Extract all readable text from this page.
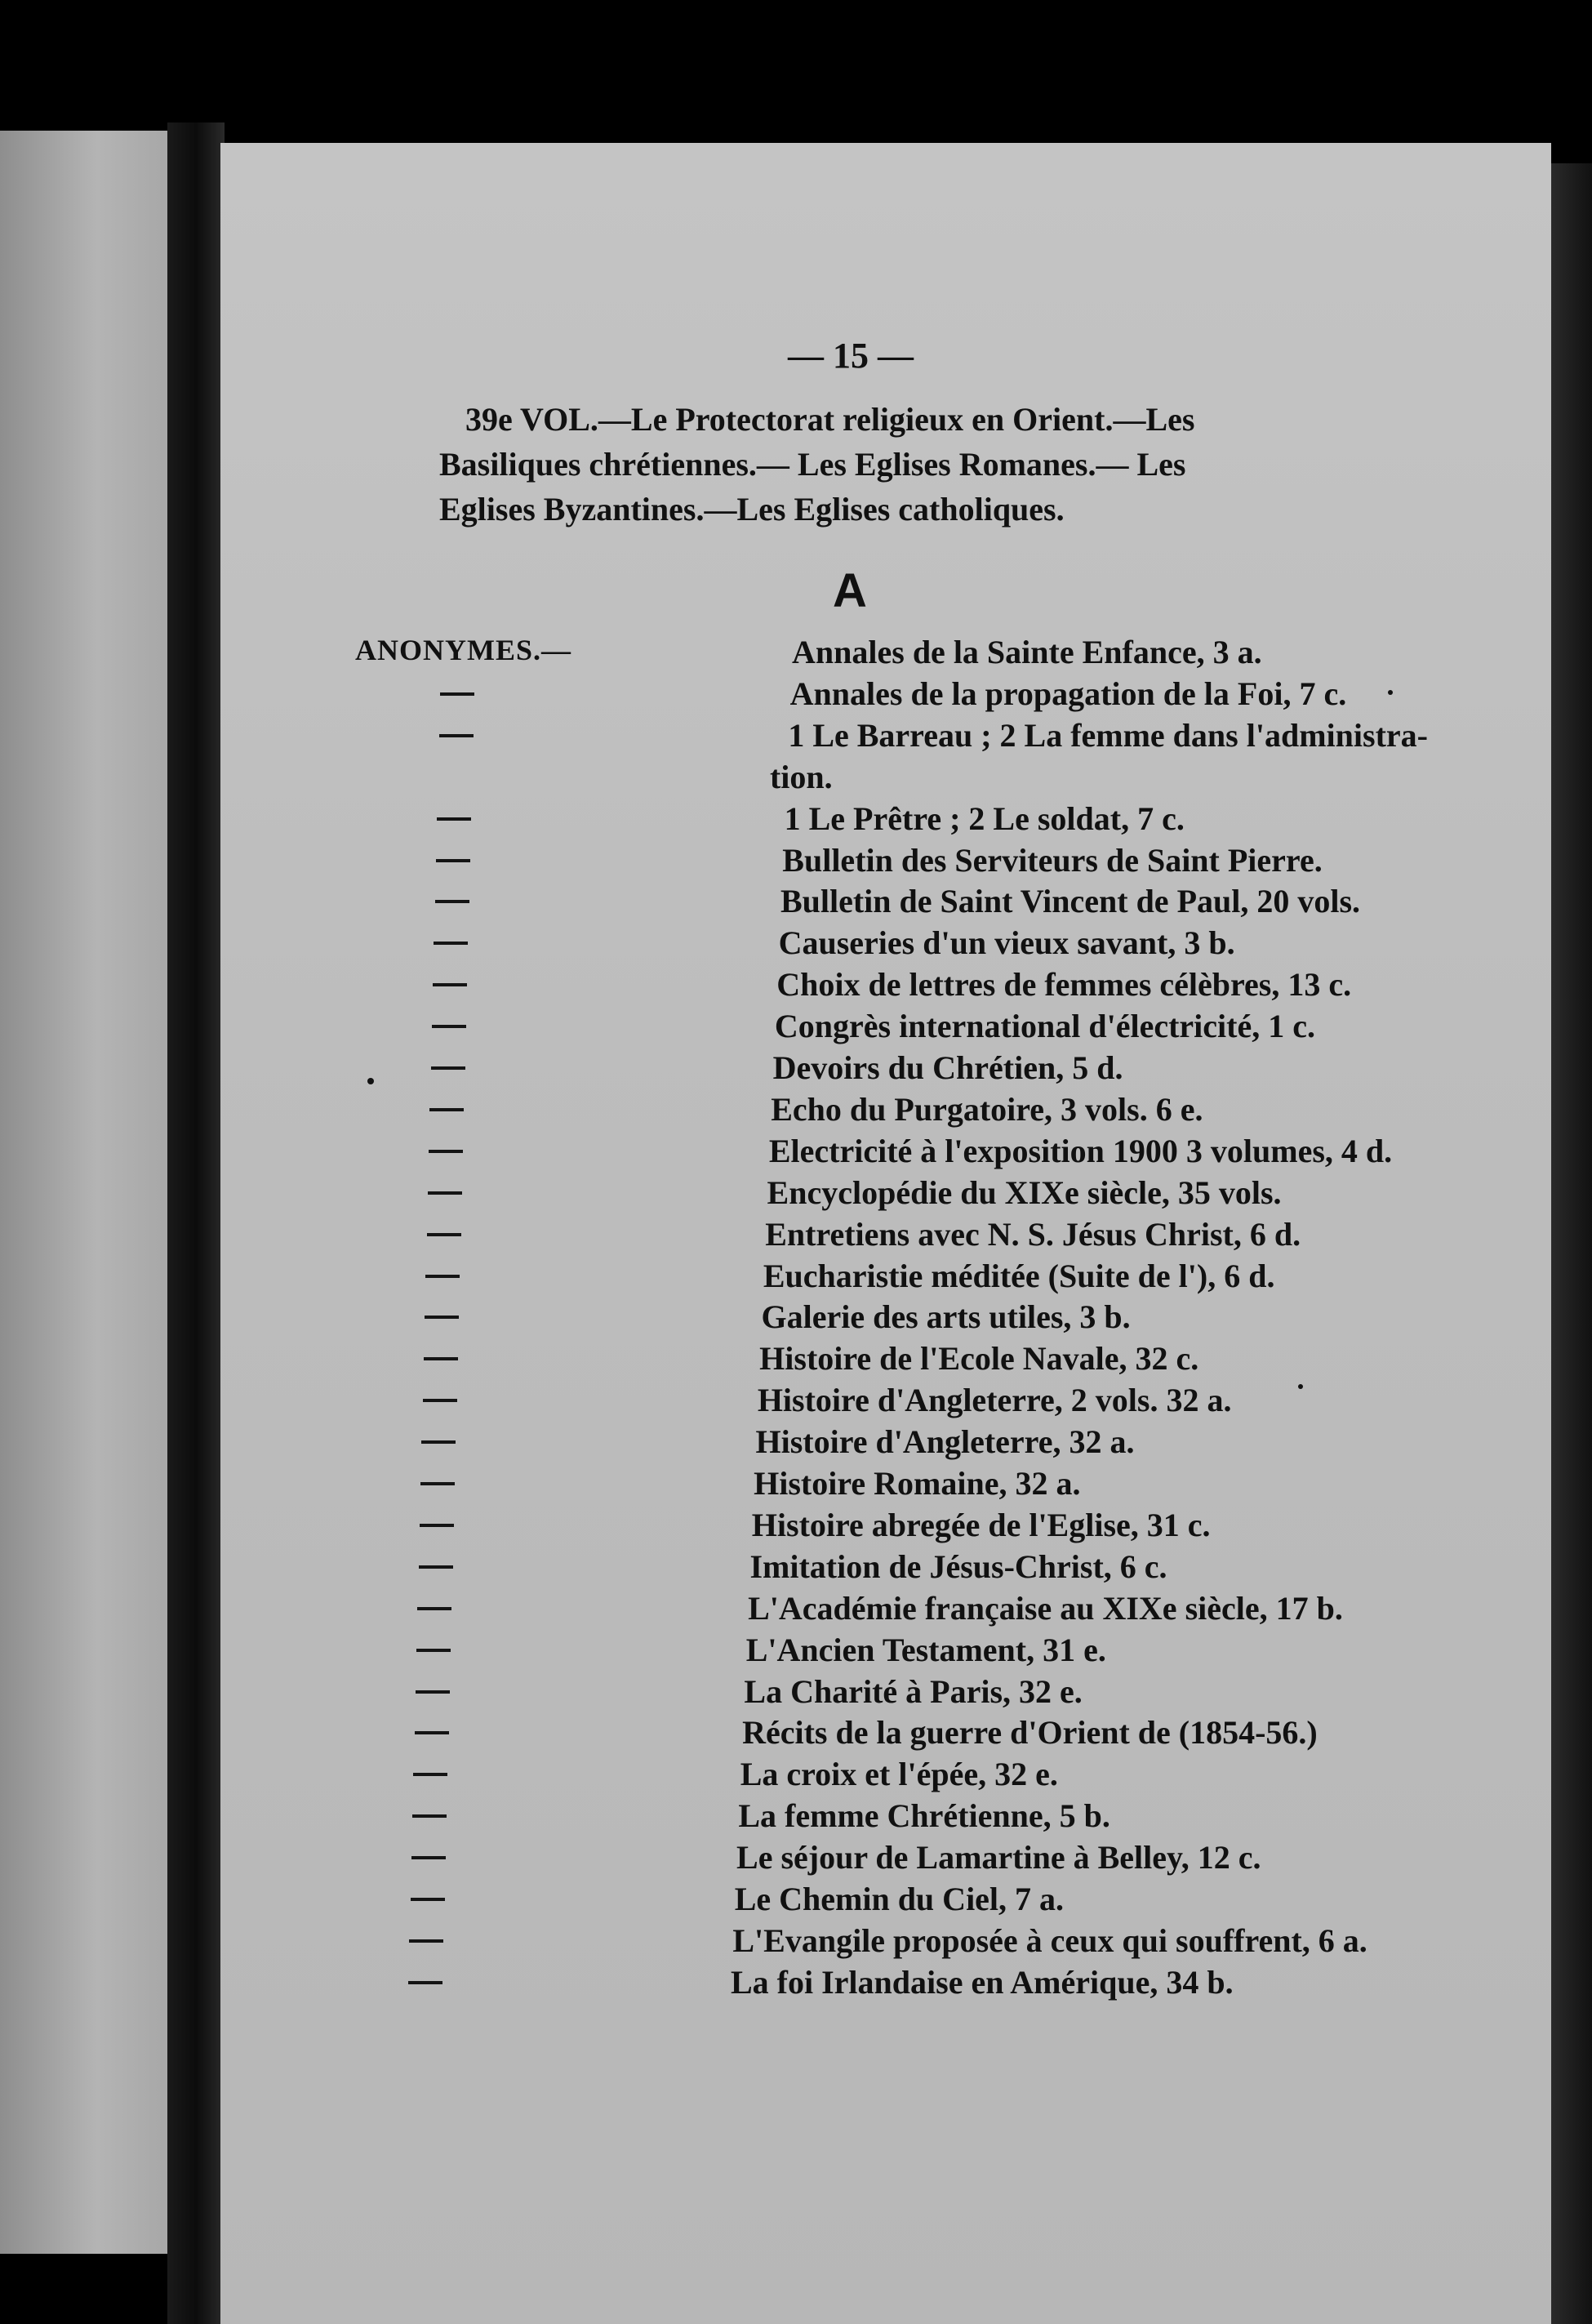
— 15 —
39e VOL.—Le Protectorat religieux en Orient.—Les
Basiliques chrétiennes.— Les Eglises Romanes.— Les
Eglises Byzantines.—Les Eglises catholiques.
A
ANONYMES.—	Annales de la Sainte Enfance, 3 a.
Annales de la propagation de la Foi, 7 c.
1 Le Barreau ; 2 La femme dans l'administra-
tion.
1 Le Prêtre ; 2 Le soldat, 7 c.
Bulletin des Serviteurs de Saint Pierre.
Bulletin de Saint Vincent de Paul, 20 vols.
Causeries d'un vieux savant, 3 b.
Choix de lettres de femmes célèbres, 13 c.
Congrès international d'électricité, 1 c.
Devoirs du Chrétien, 5 d.
Echo du Purgatoire, 3 vols. 6 e.
Electricité à l'exposition 1900 3 volumes, 4 d.
Encyclopédie du XIXe siècle, 35 vols.
Entretiens avec N. S. Jésus Christ, 6 d.
Eucharistie méditée (Suite de l'), 6 d.
Galerie des arts utiles, 3 b.
Histoire de l'Ecole Navale, 32 c.
Histoire d'Angleterre, 2 vols. 32 a.
Histoire d'Angleterre, 32 a.
Histoire Romaine, 32 a.
Histoire abregée de l'Eglise, 31 c.
Imitation de Jésus-Christ, 6 c.
L'Académie française au XIXe siècle, 17 b.
L'Ancien Testament, 31 e.
La Charité à Paris, 32 e.
Récits de la guerre d'Orient de (1854-56.)
La croix et l'épée, 32 e.
La femme Chrétienne, 5 b.
Le séjour de Lamartine à Belley, 12 c.
Le Chemin du Ciel, 7 a.
L'Evangile proposée à ceux qui souffrent, 6 a.
La foi Irlandaise en Amérique, 34 b.
